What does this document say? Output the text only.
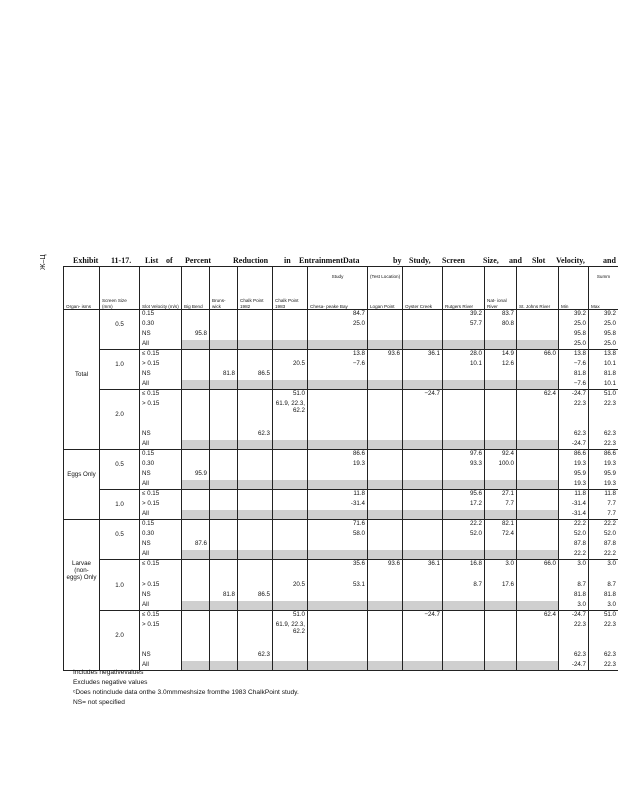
Ж–Ц	Exhibit 11-17. List of Percent	Reduction in EntrainmentData	by Study, Screen Size, and Slot Velocity, and
							Study	(Test Location)						Summ
Organ- isms	Screen Size (mm)	Slot Velocity (m/s)	Big Bend	Bruns- wick	Chalk Point 1982	Chalk Point 1983	Chesa- peake Bay	Logan Point	Oyster Creek	Rutgers River	Nat- ional River	St. Johns River	Min	Max
		0.15					84.7			39.2	83.7		39.2	39.2
	0.5	0.30					25.0			57.7	80.8		25.0	25.0
		NS	95.8										95.8	95.8
		All											25.0	25.0
		≤ 0.15					13.8	93.6	36.1	28.0	14.9	66.0	13.8	13.8
	1.0	> 0.15				20.5	−7.6			10.1	12.6		−7.6	10.1
Total		NS		81.8	86.5								81.8	81.8
		All											−7.6	10.1
		≤ 0.15				51.0			−24.7			62.4	-24.7	51.0
	2.0	> 0.15				61.9, 22.3, 62.2							22.3	22.3
		NS			62.3								62.3	62.3
		All											-24.7	22.3
		0.15					86.6			97.6	92.4		86.6	86.6
	0.5	0.30					19.3			93.3	100.0		19.3	19.3
Eggs Only		NS	95.9										95.9	95.9
		All											19.3	19.3
		≤ 0.15					11.8			95.6	27.1		11.8	11.8
	1.0	> 0.15					-31.4			17.2	7.7		-31.4	7.7
		All											-31.4	7.7
		0.15					71.6			22.2	82.1		22.2	22.2
	0.5	0.30					58.0			52.0	72.4		52.0	52.0
		NS	87.6										87.8	87.8
		All											22.2	22.2
Larvae (non- eggs) Only		≤ 0.15					35.6	93.6	36.1	16.8	3.0	66.0	3.0	3.0
	1.0	> 0.15				20.5	53.1			8.7	17.6		8.7	8.7
		NS		81.8	86.5								81.8	81.8
		All											3.0	3.0
		≤ 0.15				51.0			−24.7			62.4	-24.7	51.0
	2.0	> 0.15				61.9, 22.3, 62.2							22.3	22.3
		NS			62.3								62.3	62.3
		All											-24.7	22.3
Includes negativevalues
Excludes negative values
ᶜDoes notinclude data onthe 3.0mmmeshsize fromthe 1983 ChalkPoint study.
NS= not specified
